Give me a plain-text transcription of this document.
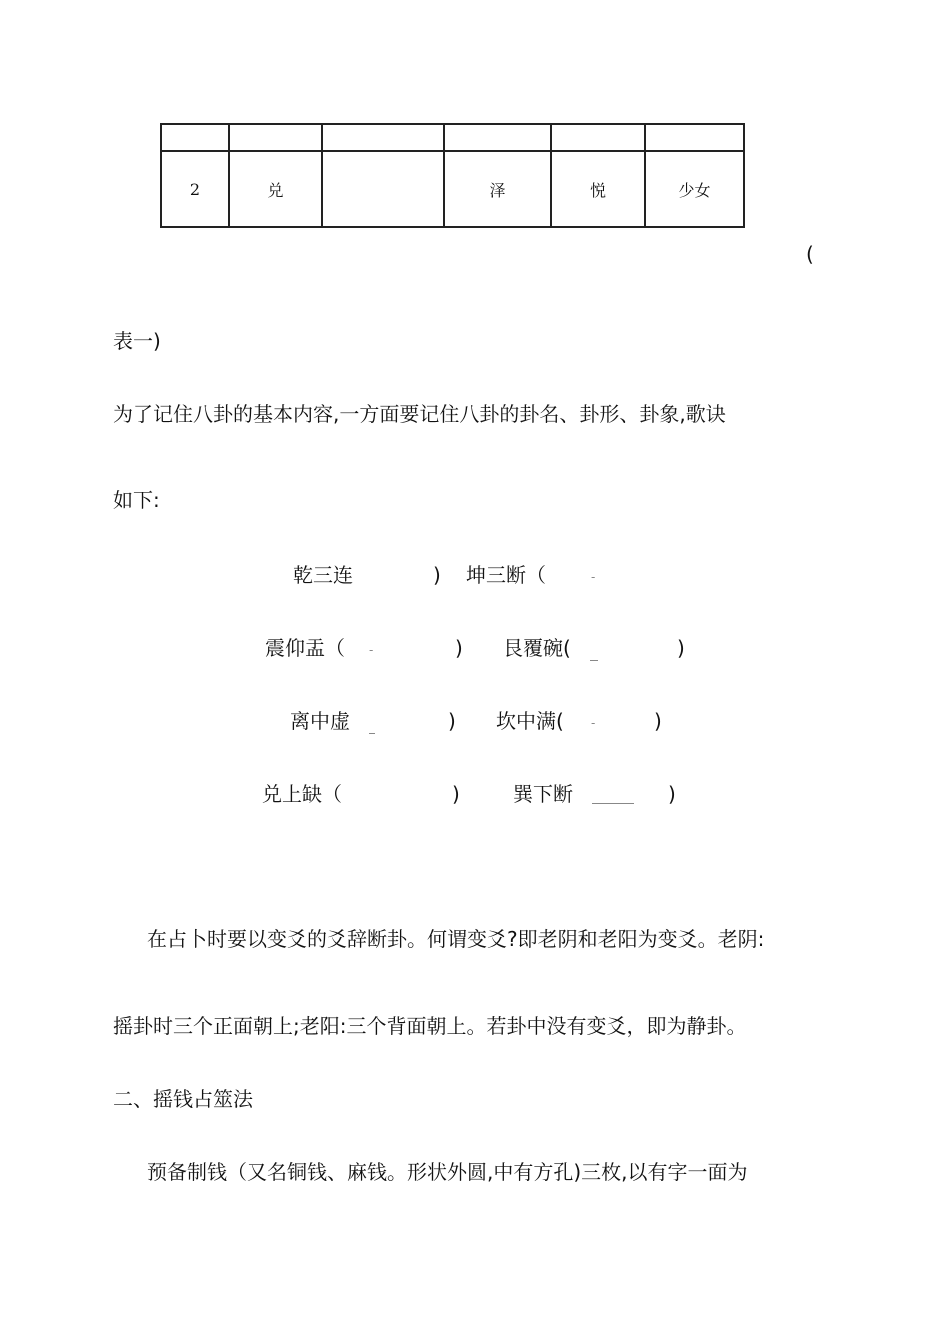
2	兑		泽	悦	少女
(
表一)
为了记住八卦的基本内容,一方面要记住八卦的卦名、卦形、卦象,歌诀
如下:
乾三连	) 坤三断（	-
震仰盂（ -	) 艮覆碗(	)
离中虚	) 坎中满( -	)
兑上缺（	)	巽下断	)
在占卜时要以变爻的爻辞断卦。何谓变爻?即老阴和老阳为变爻。老阴:
摇卦时三个正面朝上;老阳:三个背面朝上。若卦中没有变爻，即为静卦。
二、摇钱占筮法
预备制钱（又名铜钱、麻钱。形状外圆,中有方孔)三枚,以有字一面为
